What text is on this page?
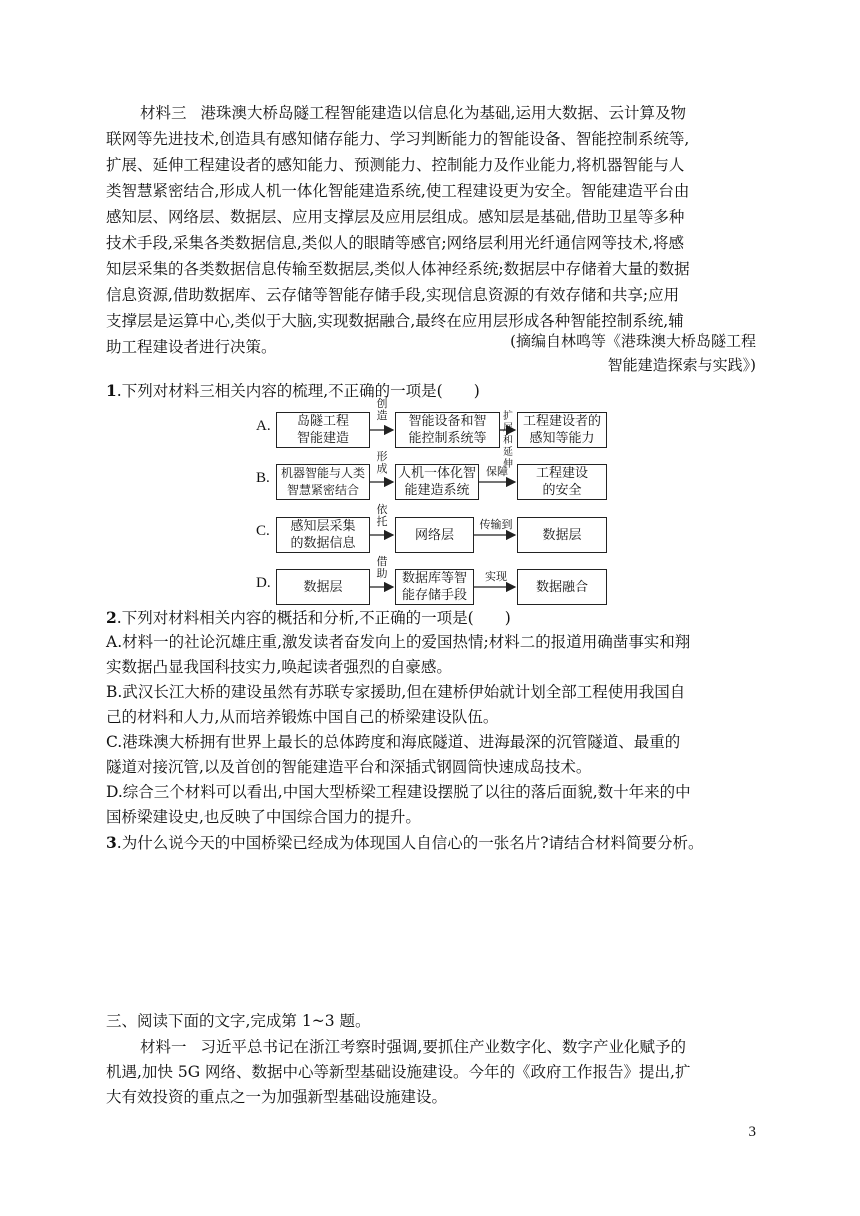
材料三 港珠澳大桥岛隧工程智能建造以信息化为基础,运用大数据、云计算及物
联网等先进技术,创造具有感知储存能力、学习判断能力的智能设备、智能控制系统等,
扩展、延伸工程建设者的感知能力、预测能力、控制能力及作业能力,将机器智能与人
类智慧紧密结合,形成人机一体化智能建造系统,使工程建设更为安全。智能建造平台由
感知层、网络层、数据层、应用支撑层及应用层组成。感知层是基础,借助卫星等多种
技术手段,采集各类数据信息,类似人的眼睛等感官;网络层利用光纤通信网等技术,将感
知层采集的各类数据信息传输至数据层,类似人体神经系统;数据层中存储着大量的数据
信息资源,借助数据库、云存储等智能存储手段,实现信息资源的有效存储和共享;应用
支撑层是运算中心,类似于大脑,实现数据融合,最终在应用层形成各种智能控制系统,辅
助工程建设者进行决策。	(摘编自林鸣等《港珠澳大桥岛隧工程
智能建造探索与实践》)
1.下列对材料三相关内容的梳理,不正确的一项是(　　)
A.	岛隧工程
智能建造
创造	智能设备和智
能控制系统等
扩展和
延伸
工程建设者的
感知等能力
B. 机器智能与人类
智慧紧密结合
形成 人机一体化智
能建造系统
保障	工程建设
的安全
C.	感知层采集
的数据信息
依托
网络层
传输到
数据层
D.	数据层
借助	数据库等智
能存储手段
实现
数据融合
2.下列对材料相关内容的概括和分析,不正确的一项是(　　)
A.材料一的社论沉雄庄重,激发读者奋发向上的爱国热情;材料二的报道用确凿事实和翔
实数据凸显我国科技实力,唤起读者强烈的自豪感。
B.武汉长江大桥的建设虽然有苏联专家援助,但在建桥伊始就计划全部工程使用我国自
己的材料和人力,从而培养锻炼中国自己的桥梁建设队伍。
C.港珠澳大桥拥有世界上最长的总体跨度和海底隧道、进海最深的沉管隧道、最重的
隧道对接沉管,以及首创的智能建造平台和深插式钢圆筒快速成岛技术。
D.综合三个材料可以看出,中国大型桥梁工程建设摆脱了以往的落后面貌,数十年来的中
国桥梁建设史,也反映了中国综合国力的提升。
3.为什么说今天的中国桥梁已经成为体现国人自信心的一张名片?请结合材料简要分析。
三、阅读下面的文字,完成第 1~3 题。
材料一 习近平总书记在浙江考察时强调,要抓住产业数字化、数字产业化赋予的
机遇,加快 5G 网络、数据中心等新型基础设施建设。今年的《政府工作报告》提出,扩
大有效投资的重点之一为加强新型基础设施建设。
3
